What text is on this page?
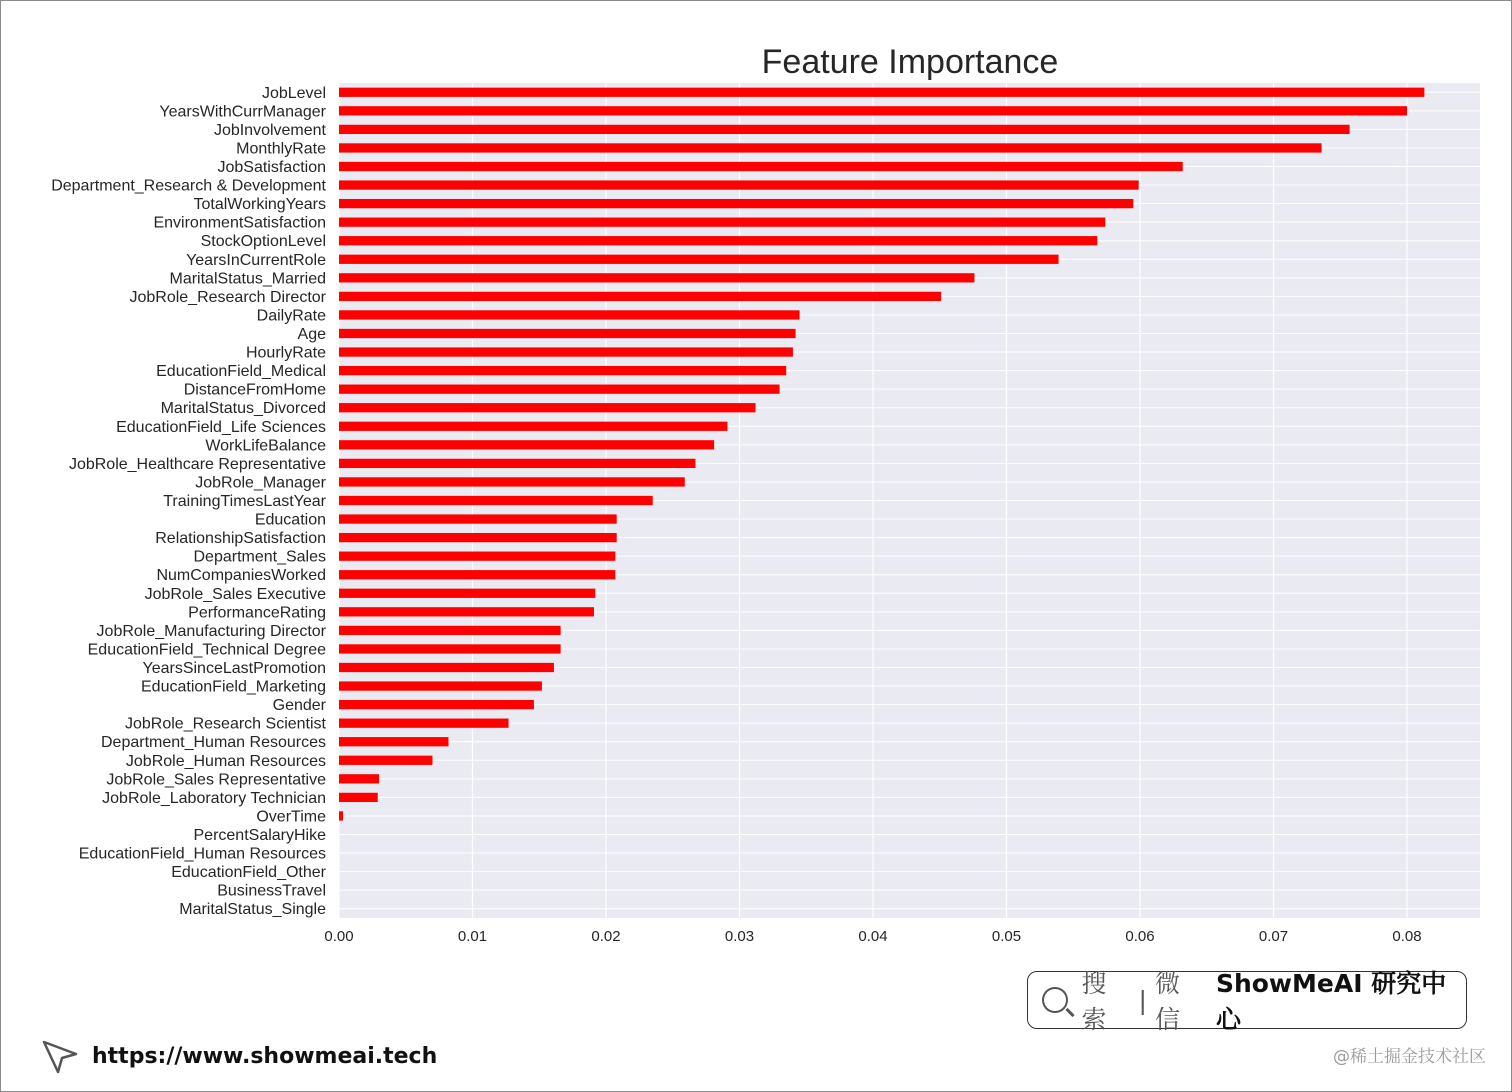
JobLevel
YearsWithCurrManager
JobInvolvement
MonthlyRate
JobSatisfaction
Department_Research & Development
TotalWorkingYears
EnvironmentSatisfaction
StockOptionLevel
YearsInCurrentRole
MaritalStatus_Married
JobRole_Research Director
DailyRate
Age
HourlyRate
EducationField_Medical
DistanceFromHome
MaritalStatus_Divorced
EducationField_Life Sciences
WorkLifeBalance
JobRole_Healthcare Representative
JobRole_Manager
TrainingTimesLastYear
Education
RelationshipSatisfaction
Department_Sales
NumCompaniesWorked
JobRole_Sales Executive
PerformanceRating
JobRole_Manufacturing Director
EducationField_Technical Degree
YearsSinceLastPromotion
EducationField_Marketing
Gender
JobRole_Research Scientist
Department_Human Resources
JobRole_Human Resources
JobRole_Sales Representative
JobRole_Laboratory Technician
OverTime
PercentSalaryHike
EducationField_Human Resources
EducationField_Other
BusinessTravel
MaritalStatus_Single
0.00	0.01	0.02	0.03	0.04	0.05	0.06	0.07	0.08
Feature Importance
搜索
|
微信
ShowMeAI 研究中心
https://www.showmeai.tech	@稀土掘金技术社区
